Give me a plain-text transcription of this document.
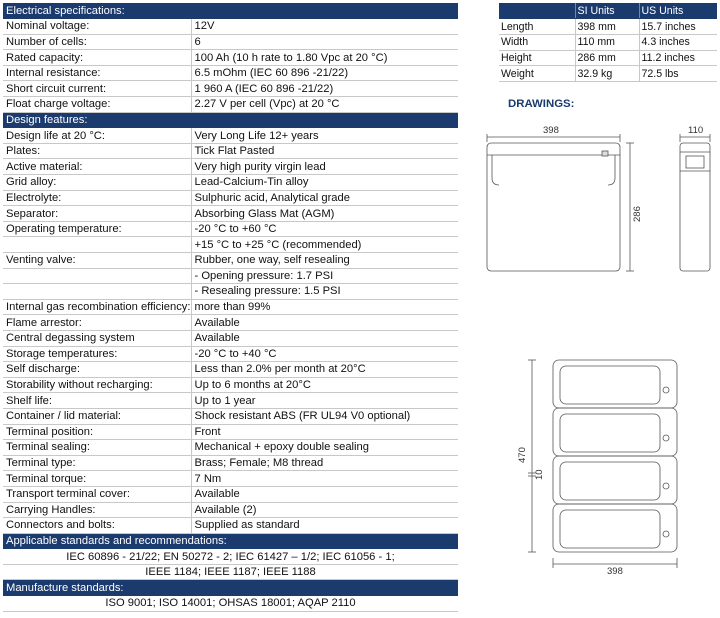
Electrical specifications:	
Nominal voltage:	12V
Number of cells:	6
Rated capacity:	100 Ah (10 h rate to 1.80 Vpc at 20 °C)
Internal resistance:	6.5 mOhm (IEC 60 896 -21/22)
Short circuit current:	1 960 A (IEC 60 896 -21/22)
Float charge voltage:	2.27 V per cell (Vpc) at 20 °C
Design features:	
Design life at 20 °C:	Very Long Life 12+ years
Plates:	Tick Flat Pasted
Active material:	Very high purity virgin lead
Grid alloy:	Lead-Calcium-Tin alloy
Electrolyte:	Sulphuric acid, Analytical grade
Separator:	Absorbing Glass Mat (AGM)
Operating temperature:	-20 °C to +60 °C
	+15 °C to +25 °C (recommended)
Venting valve:	Rubber, one way, self resealing
	- Opening pressure: 1.7 PSI
	- Resealing pressure: 1.5 PSI
Internal gas recombination efficiency:	more than 99%
Flame arrestor:	Available
Central degassing system	Available
Storage temperatures:	-20 °C to +40 °C
Self discharge:	Less than 2.0% per month at 20°C
Storability without recharging:	Up to 6 months at 20°C
Shelf life:	Up to 1 year
Container / lid material:	Shock resistant ABS (FR UL94 V0 optional)
Terminal position:	Front
Terminal sealing:	Mechanical + epoxy double sealing
Terminal type:	Brass; Female; M8 thread
Terminal torque:	7 Nm
Transport terminal cover:	Available
Carrying Handles:	Available (2)
Connectors and bolts:	Supplied as standard
Applicable standards and recommendations:	
IEC 60896 - 21/22; EN 50272 - 2; IEC 61427 – 1/2; IEC 61056 - 1;	
IEEE 1184; IEEE 1187; IEEE 1188	
Manufacture standards:	
ISO 9001; ISO 14001; OHSAS 18001; AQAP 2110	
	SI Units	US Units
Length	398 mm	15.7 inches
Width	110 mm	4.3 inches
Height	286 mm	11.2 inches
Weight	32.9 kg	72.5 lbs
DRAWINGS:
398	110
286
470
10
398
